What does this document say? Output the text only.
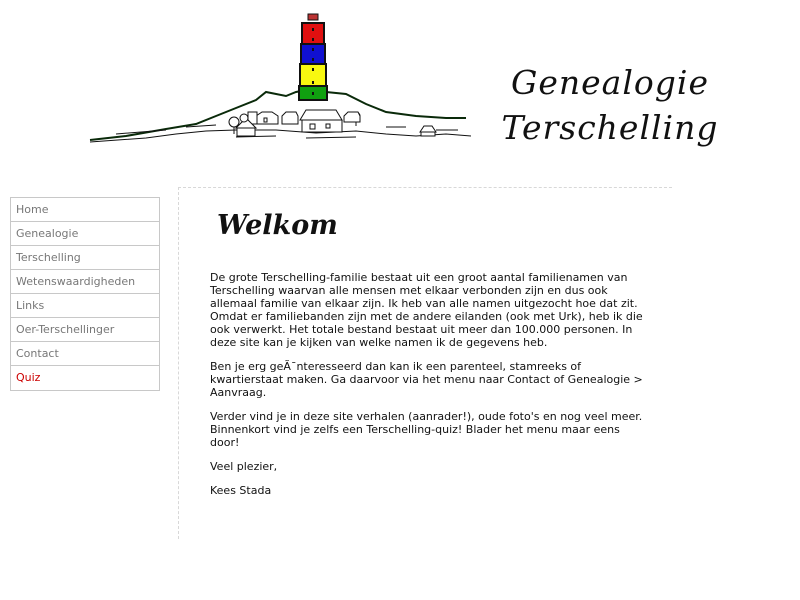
Genealogie
Terschelling
Home
Genealogie
Terschelling
Wetenswaardigheden
Links
Oer-Terschellinger
Contact
Quiz
Welkom

De grote Terschelling-familie bestaat uit een groot aantal familienamen van Terschelling waarvan alle mensen met elkaar verbonden zijn en dus ook allemaal familie van elkaar zijn. Ik heb van alle namen uitgezocht hoe dat zit. Omdat er familiebanden zijn met de andere eilanden (ook met Urk), heb ik die ook verwerkt. Het totale bestand bestaat uit meer dan 100.000 personen. In deze site kan je kijken van welke namen ik de gegevens heb.

Ben je erg geÃ¯nteresseerd dan kan ik een parenteel, stamreeks of kwartierstaat maken. Ga daarvoor via het menu naar Contact of Genealogie > Aanvraag.

Verder vind je in deze site verhalen (aanrader!), oude foto's en nog veel meer. Binnenkort vind je zelfs een Terschelling-quiz! Blader het menu maar eens door!

Veel plezier,

Kees Stada
